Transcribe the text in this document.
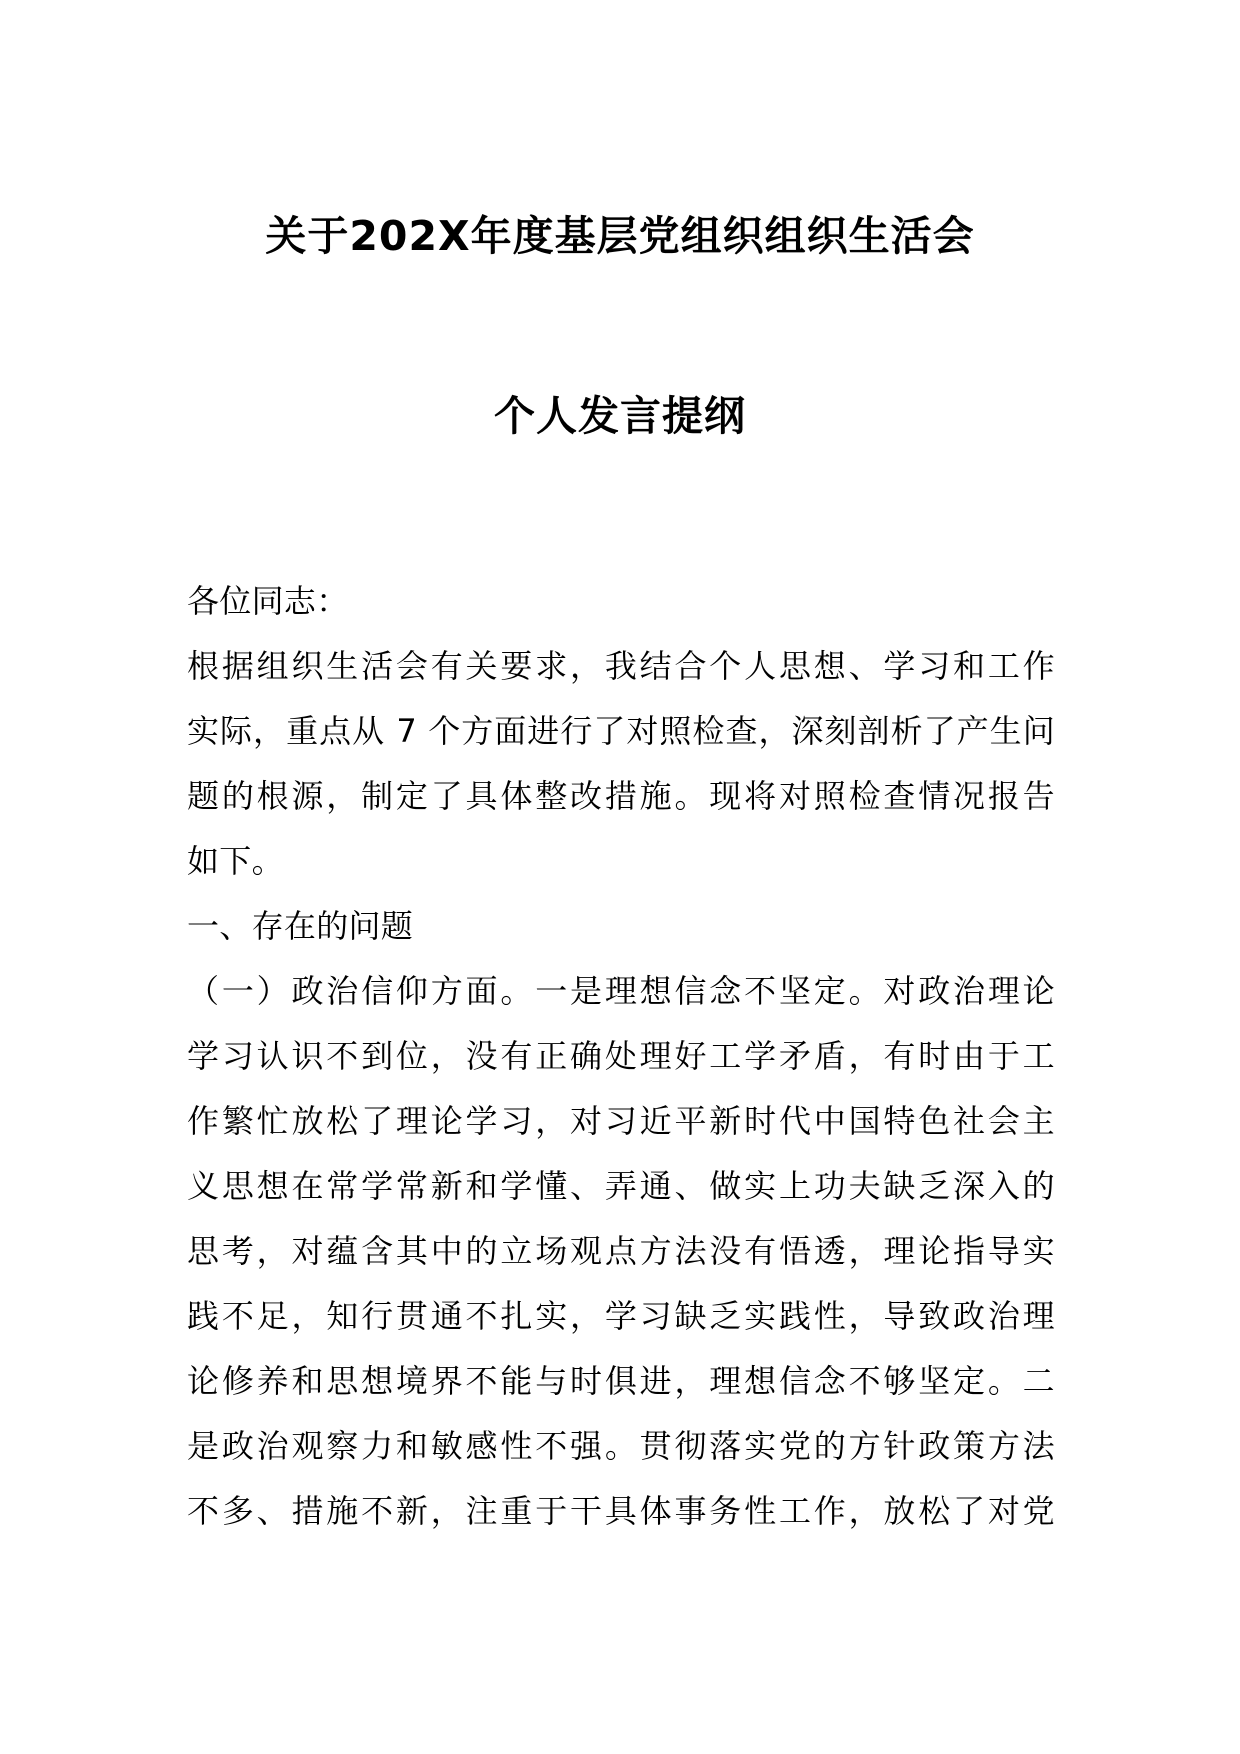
关于202X年度基层党组织组织生活会
个人发言提纲
各位同志：
根据组织生活会有关要求，我结合个人思想、学习和工作
实际，重点从 7 个方面进行了对照检查，深刻剖析了产生问
题的根源，制定了具体整改措施。现将对照检查情况报告
如下。
一、存在的问题
（一）政治信仰方面。一是理想信念不坚定。对政治理论
学习认识不到位，没有正确处理好工学矛盾，有时由于工
作繁忙放松了理论学习，对习近平新时代中国特色社会主
义思想在常学常新和学懂、弄通、做实上功夫缺乏深入的
思考，对蕴含其中的立场观点方法没有悟透，理论指导实
践不足，知行贯通不扎实，学习缺乏实践性，导致政治理
论修养和思想境界不能与时俱进，理想信念不够坚定。二
是政治观察力和敏感性不强。贯彻落实党的方针政策方法
不多、措施不新，注重于干具体事务性工作，放松了对党
